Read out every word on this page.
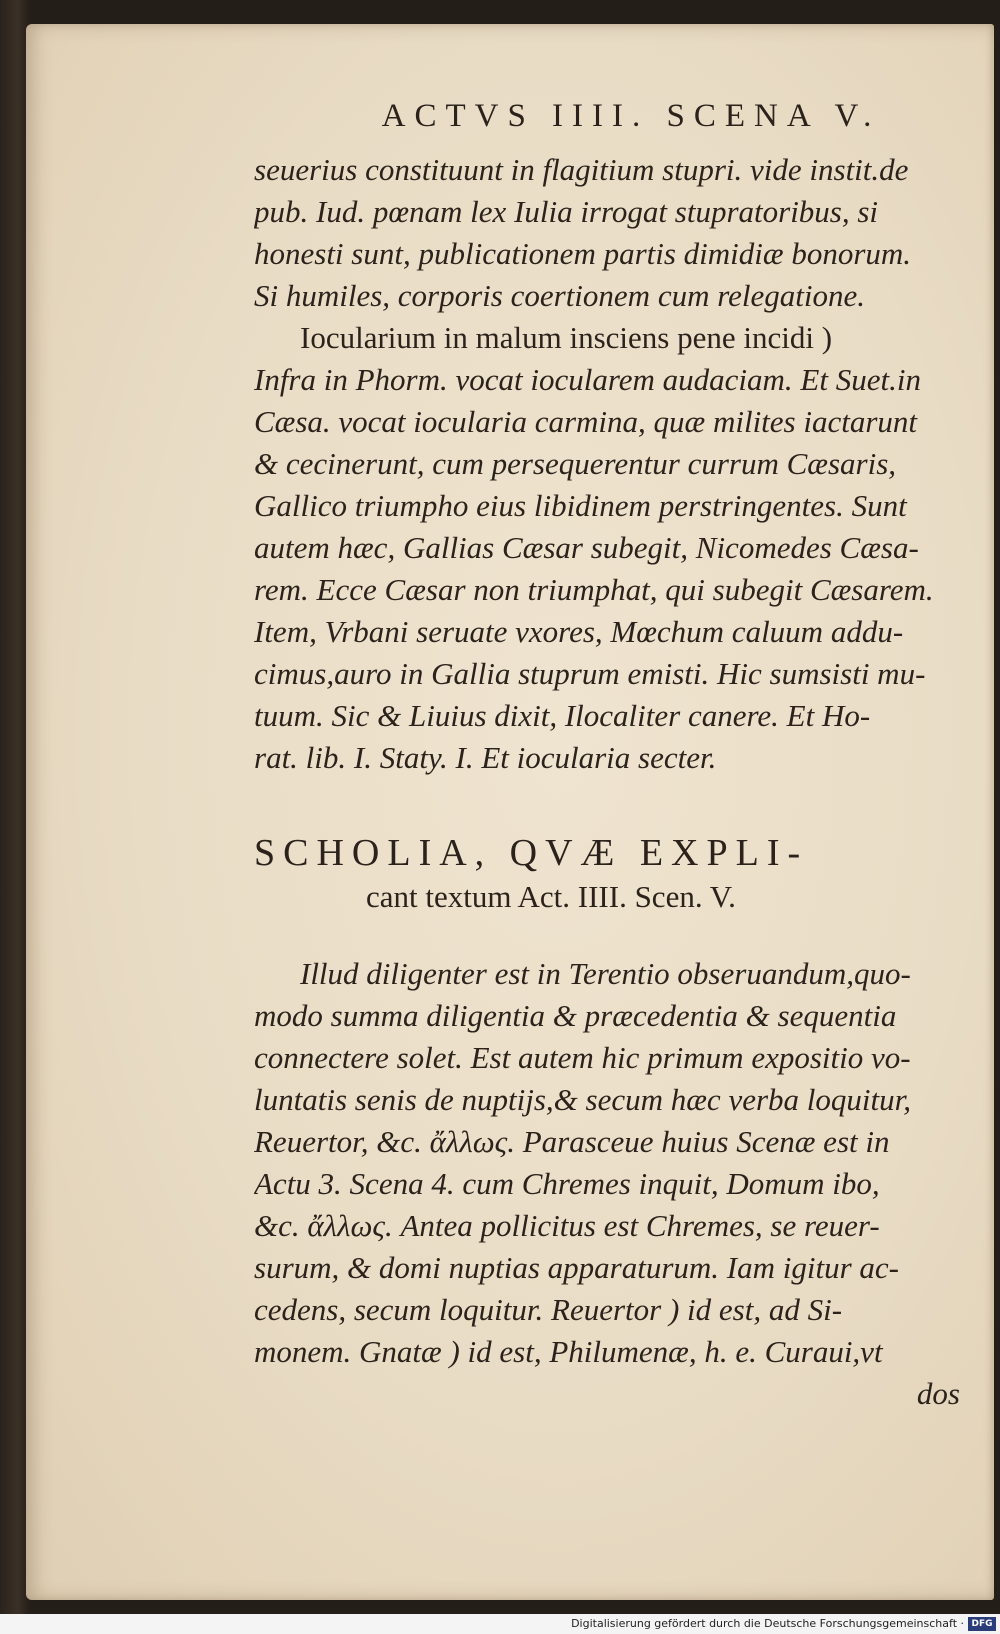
ACTVS IIII. SCENA V.
seuerius constituunt in flagitium stupri. vide instit.de
pub. Iud. pœnam lex Iulia irrogat stupratoribus, si
honesti sunt, publicationem partis dimidiæ bonorum.
Si humiles, corporis coertionem cum relegatione.
Iocularium in malum insciens pene incidi )
Infra in Phorm. vocat iocularem audaciam. Et Suet.in
Cæsa. vocat iocularia carmina, quæ milites iactarunt
& cecinerunt, cum persequerentur currum Cæsaris,
Gallico triumpho eius libidinem perstringentes. Sunt
autem hæc, Gallias Cæsar subegit, Nicomedes Cæsa-
rem. Ecce Cæsar non triumphat, qui subegit Cæsarem.
Item, Vrbani seruate vxores, Mœchum caluum addu-
cimus,auro in Gallia stuprum emisti. Hic sumsisti mu-
tuum. Sic & Liuius dixit, Ilocaliter canere. Et Ho-
rat. lib. I. Staty. I. Et iocularia secter.
SCHOLIA, QVÆ EXPLI-
cant textum Act. IIII. Scen. V.
Illud diligenter est in Terentio obseruandum,quo-
modo summa diligentia & præcedentia & sequentia
connectere solet. Est autem hic primum expositio vo-
luntatis senis de nuptijs,& secum hæc verba loquitur,
Reuertor, &c. ἄλλως. Parasceue huius Scenæ est in
Actu 3. Scena 4. cum Chremes inquit, Domum ibo,
&c. ἄλλως. Antea pollicitus est Chremes, se reuer-
surum, & domi nuptias apparaturum. Iam igitur ac-
cedens, secum loquitur. Reuertor ) id est, ad Si-
monem. Gnatæ ) id est, Philumenæ, h. e. Curaui,vt
dos
Digitalisierung gefördert durch die Deutsche Forschungsgemeinschaft · DFG
